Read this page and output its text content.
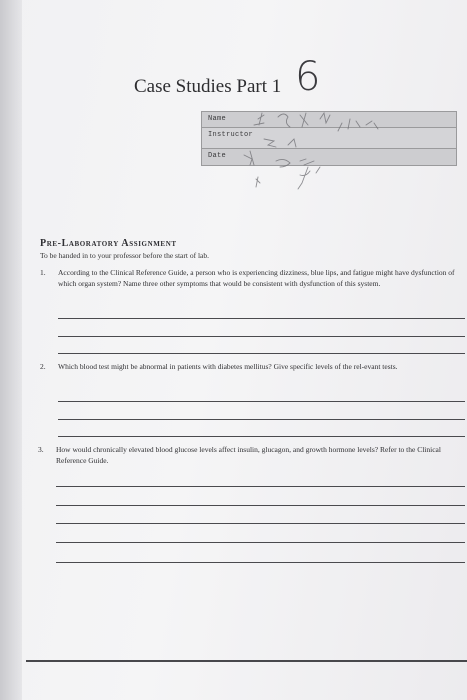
Case Studies Part 1 6
Name
Instructor
Date
Pre-Laboratory Assignment
To be handed in to your professor before the start of lab.
1. According to the Clinical Reference Guide, a person who is experiencing dizziness, blue lips, and fatigue might have dysfunction of which organ system? Name three other symptoms that would be consistent with dysfunction of this system.
2. Which blood test might be abnormal in patients with diabetes mellitus? Give specific levels of the rel-evant tests.
3. How would chronically elevated blood glucose levels affect insulin, glucagon, and growth hormone levels? Refer to the Clinical Reference Guide.
